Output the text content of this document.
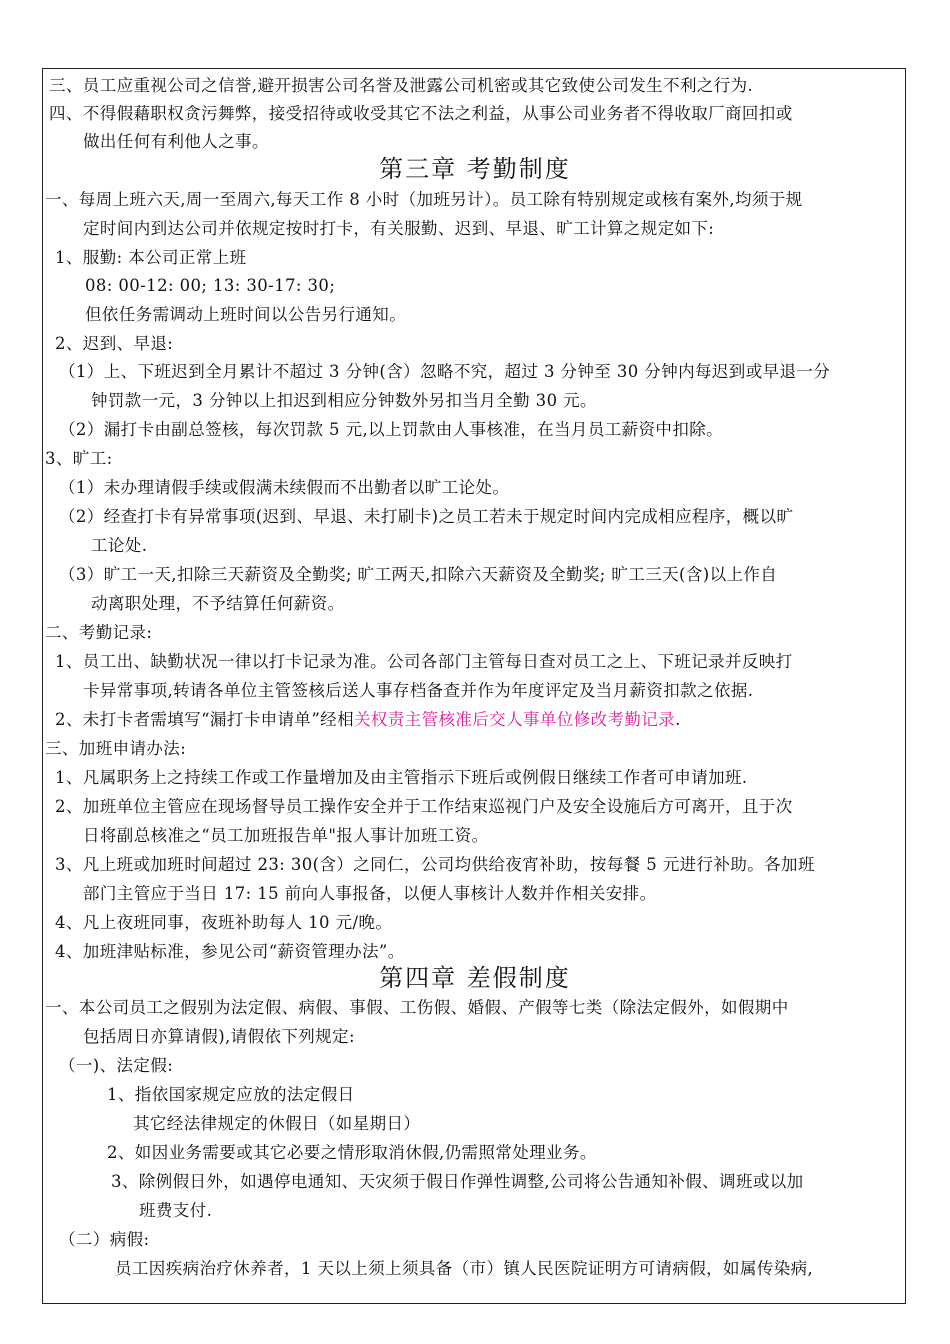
三、员工应重视公司之信誉,避开损害公司名誉及泄露公司机密或其它致使公司发生不利之行为.
四、不得假藉职权贪污舞弊，接受招待或收受其它不法之利益，从事公司业务者不得收取厂商回扣或
做出任何有利他人之事。
第三章 考勤制度
一、每周上班六天,周一至周六,每天工作 8 小时（加班另计）。员工除有特别规定或核有案外,均须于规
定时间内到达公司并依规定按时打卡，有关服勤、迟到、早退、旷工计算之规定如下:
1、服勤: 本公司正常上班
08: 00-12: 00; 13: 30-17: 30;
但依任务需调动上班时间以公告另行通知。
2、迟到、早退:
（1）上、下班迟到全月累计不超过 3 分钟(含）忽略不究，超过 3 分钟至 30 分钟内每迟到或早退一分
钟罚款一元，3 分钟以上扣迟到相应分钟数外另扣当月全勤 30 元。
（2）漏打卡由副总签核，每次罚款 5 元,以上罚款由人事核准，在当月员工薪资中扣除。
3、旷工:
（1）未办理请假手续或假满未续假而不出勤者以旷工论处。
（2）经查打卡有异常事项(迟到、早退、未打刷卡)之员工若未于规定时间内完成相应程序，概以旷
工论处.
（3）旷工一天,扣除三天薪资及全勤奖; 旷工两天,扣除六天薪资及全勤奖; 旷工三天(含)以上作自
动离职处理，不予结算任何薪资。
二、考勤记录:
1、员工出、缺勤状况一律以打卡记录为准。公司各部门主管每日查对员工之上、下班记录并反映打
卡异常事项,转请各单位主管签核后送人事存档备查并作为年度评定及当月薪资扣款之依据.
2、未打卡者需填写“漏打卡申请单”经相关权责主管核准后交人事单位修改考勤记录.
三、加班申请办法:
1、凡属职务上之持续工作或工作量增加及由主管指示下班后或例假日继续工作者可申请加班.
2、加班单位主管应在现场督导员工操作安全并于工作结束巡视门户及安全设施后方可离开，且于次
日将副总核准之“员工加班报告单"报人事计加班工资。
3、凡上班或加班时间超过 23: 30(含）之同仁，公司均供给夜宵补助，按每餐 5 元进行补助。各加班
部门主管应于当日 17: 15 前向人事报备，以便人事核计人数并作相关安排。
4、凡上夜班同事，夜班补助每人 10 元/晚。
4、加班津贴标准，参见公司“薪资管理办法”。
第四章 差假制度
一、本公司员工之假别为法定假、病假、事假、工伤假、婚假、产假等七类（除法定假外，如假期中
包括周日亦算请假),请假依下列规定:
（一)、法定假:
1、指依国家规定应放的法定假日
其它经法律规定的休假日（如星期日）
2、如因业务需要或其它必要之情形取消休假,仍需照常处理业务。
3、除例假日外，如遇停电通知、天灾须于假日作弹性调整,公司将公告通知补假、调班或以加
班费支付.
（二）病假:
员工因疾病治疗休养者，1 天以上须上须具备（市）镇人民医院证明方可请病假，如属传染病,
